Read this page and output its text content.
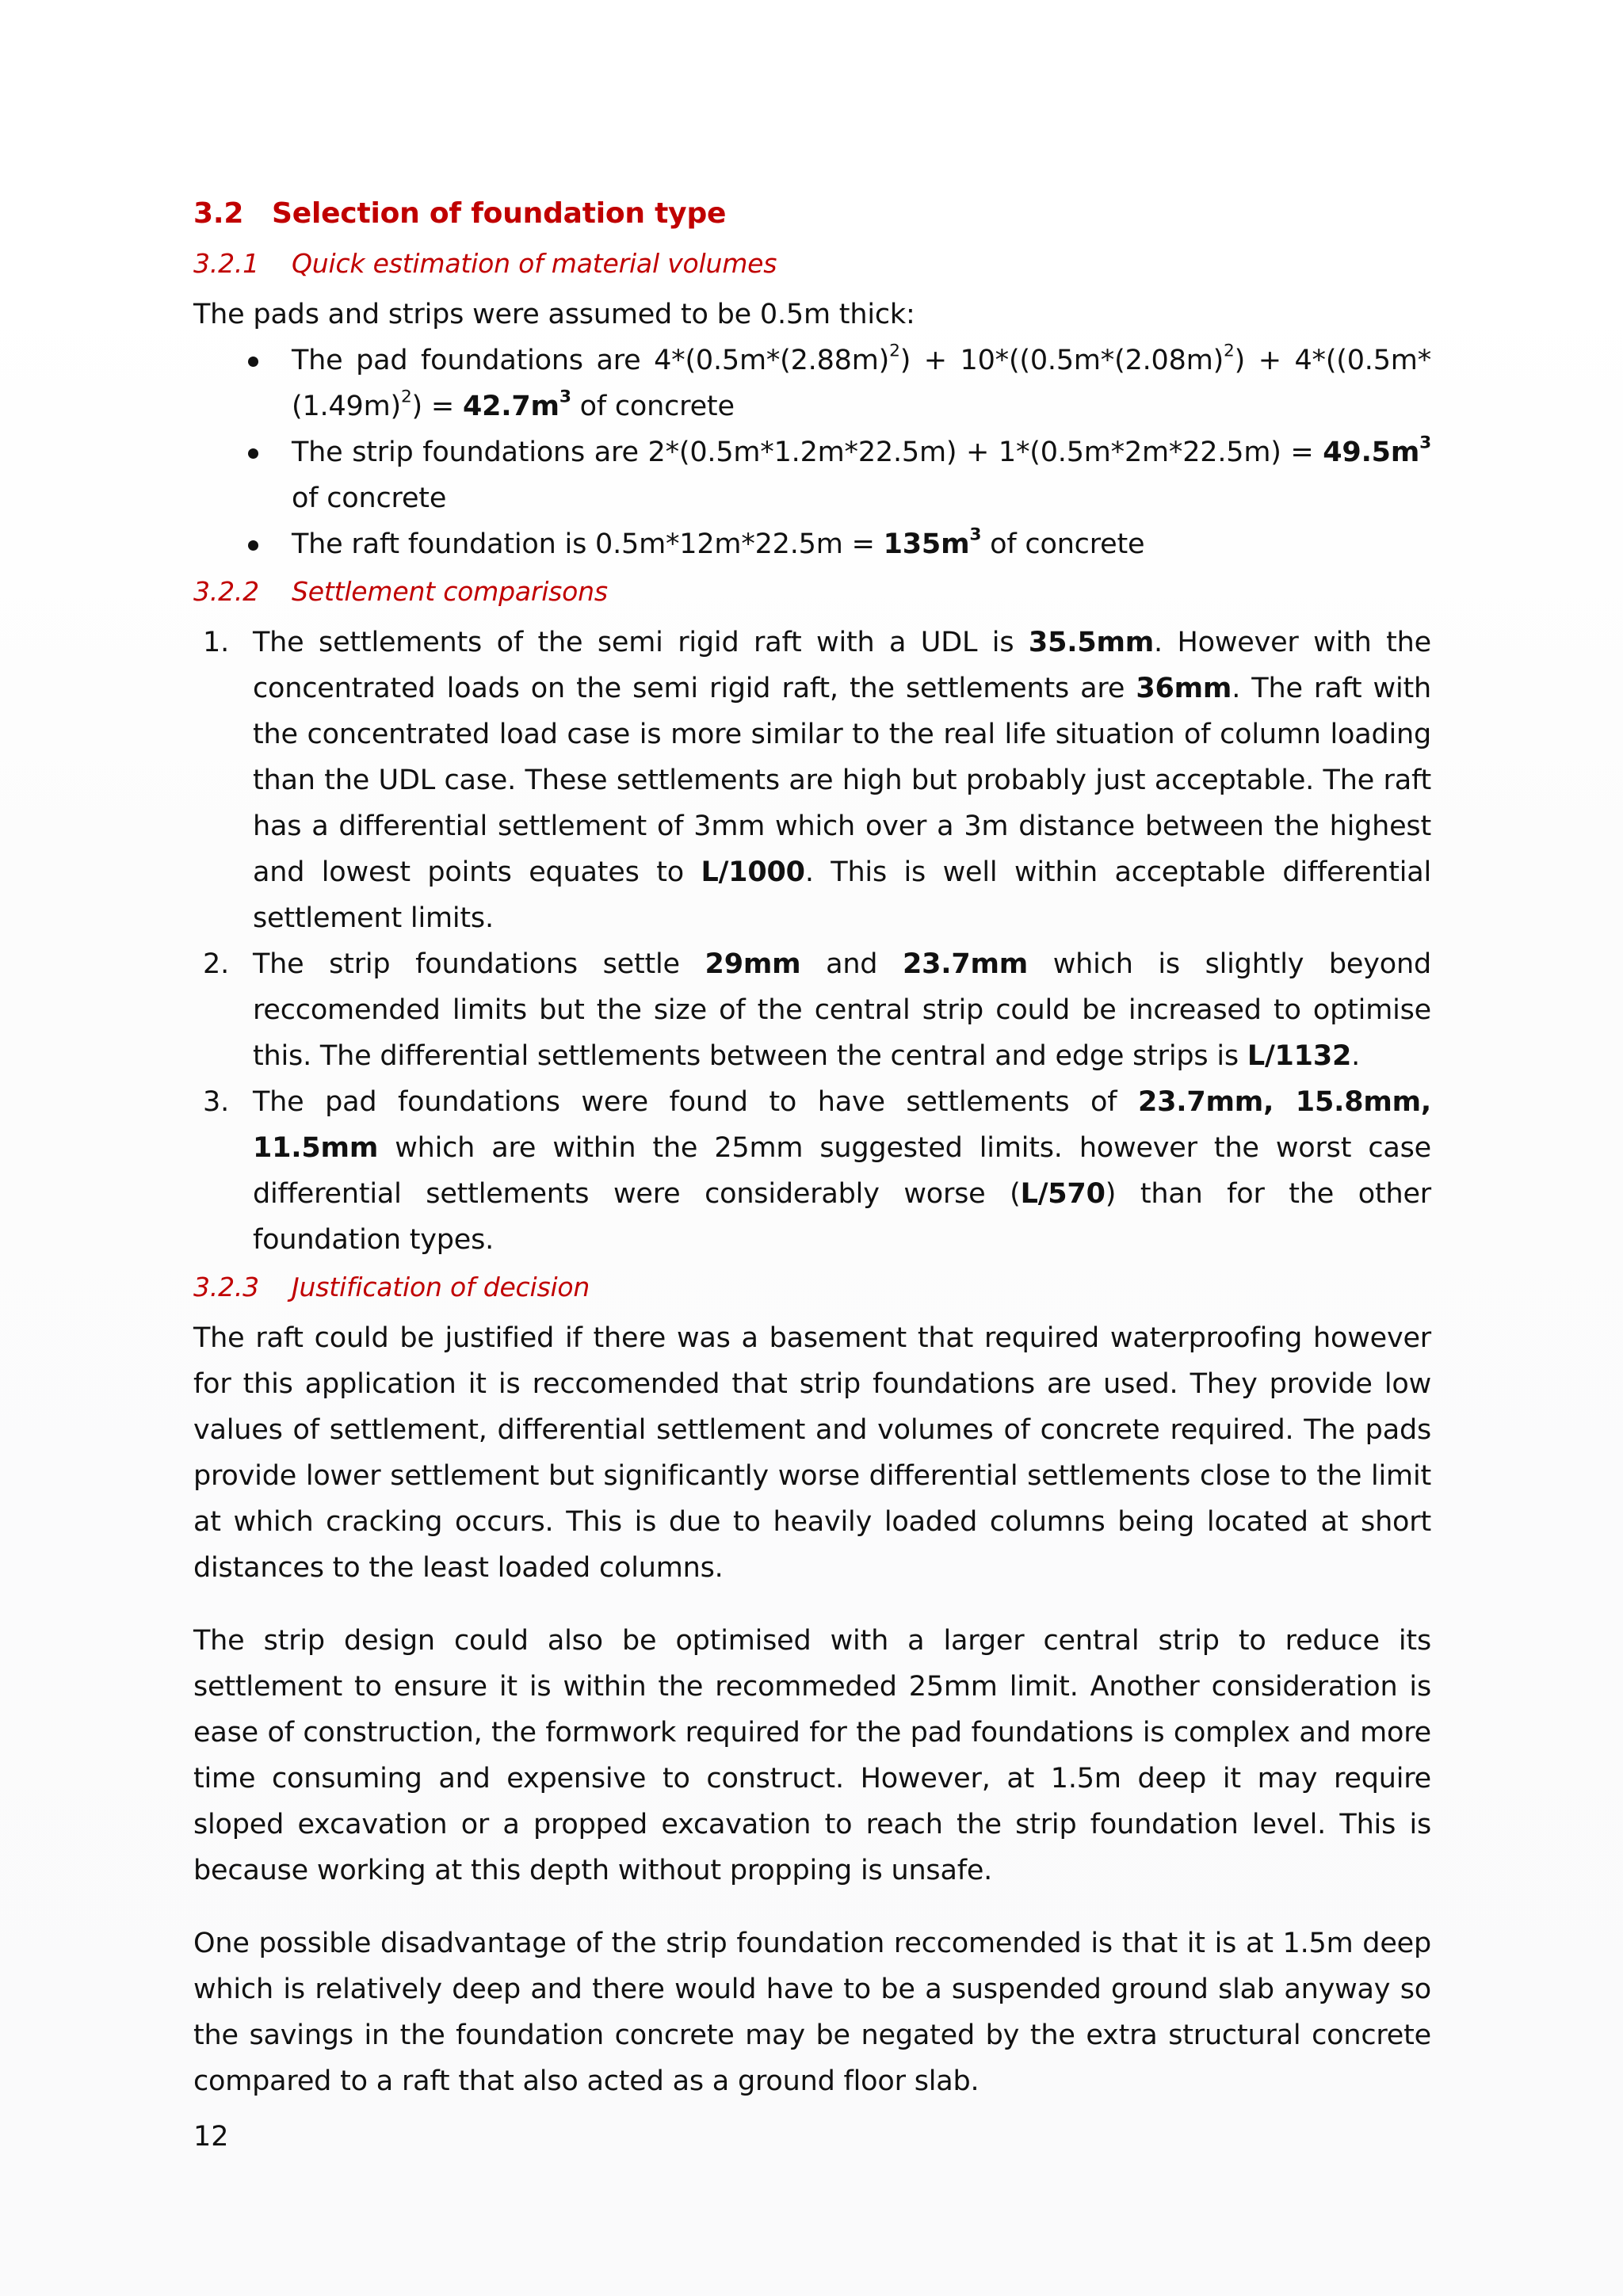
3.2 Selection of foundation type
3.2.1	Quick estimation of material volumes

The pads and strips were assumed to be 0.5m thick:

The pad foundations are $4*(0.5m*(2.88m)^2) + 10*((0.5m*(2.08m)^2) + 4*((0.5m*(1.49m)^2) = 42.7m^3$ of concrete
The strip foundations are $2*(0.5m*1.2m*22.5m) + 1*(0.5m*2m*22.5m) = 49.5m^3$ of concrete
The raft foundation is $0.5m*12m*22.5m = 135m^3$ of concrete
3.2.2	Settlement comparisons
1. The settlements of the semi rigid raft with a UDL is 35.5mm. However with the concentrated loads on the semi rigid raft, the settlements are 36mm. The raft with the concentrated load case is more similar to the real life situation of column loading than the UDL case. These settlements are high but probably just acceptable. The raft has a differential settlement of 3mm which over a 3m distance between the highest and lowest points equates to L/1000. This is well within acceptable differential settlement limits.
2. The strip foundations settle 29mm and 23.7mm which is slightly beyond reccomended limits but the size of the central strip could be increased to optimise this. The differential settlements between the central and edge strips is L/1132.
3. The pad foundations were found to have settlements of 23.7mm, 15.8mm, 11.5mm which are within the 25mm suggested limits. however the worst case differential settlements were considerably worse (L/570) than for the other foundation types.
3.2.3	Justification of decision

The raft could be justified if there was a basement that required waterproofing however for this application it is reccomended that strip foundations are used. They provide low values of settlement, differential settlement and volumes of concrete required. The pads provide lower settlement but significantly worse differential settlements close to the limit at which cracking occurs. This is due to heavily loaded columns being located at short distances to the least loaded columns.

The strip design could also be optimised with a larger central strip to reduce its settlement to ensure it is within the recommeded 25mm limit. Another consideration is ease of construction, the formwork required for the pad foundations is complex and more time consuming and expensive to construct. However, at 1.5m deep it may require sloped excavation or a propped excavation to reach the strip foundation level. This is because working at this depth without propping is unsafe.

One possible disadvantage of the strip foundation reccomended is that it is at 1.5m deep which is relatively deep and there would have to be a suspended ground slab anyway so the savings in the foundation concrete may be negated by the extra structural concrete compared to a raft that also acted as a ground floor slab.

12
